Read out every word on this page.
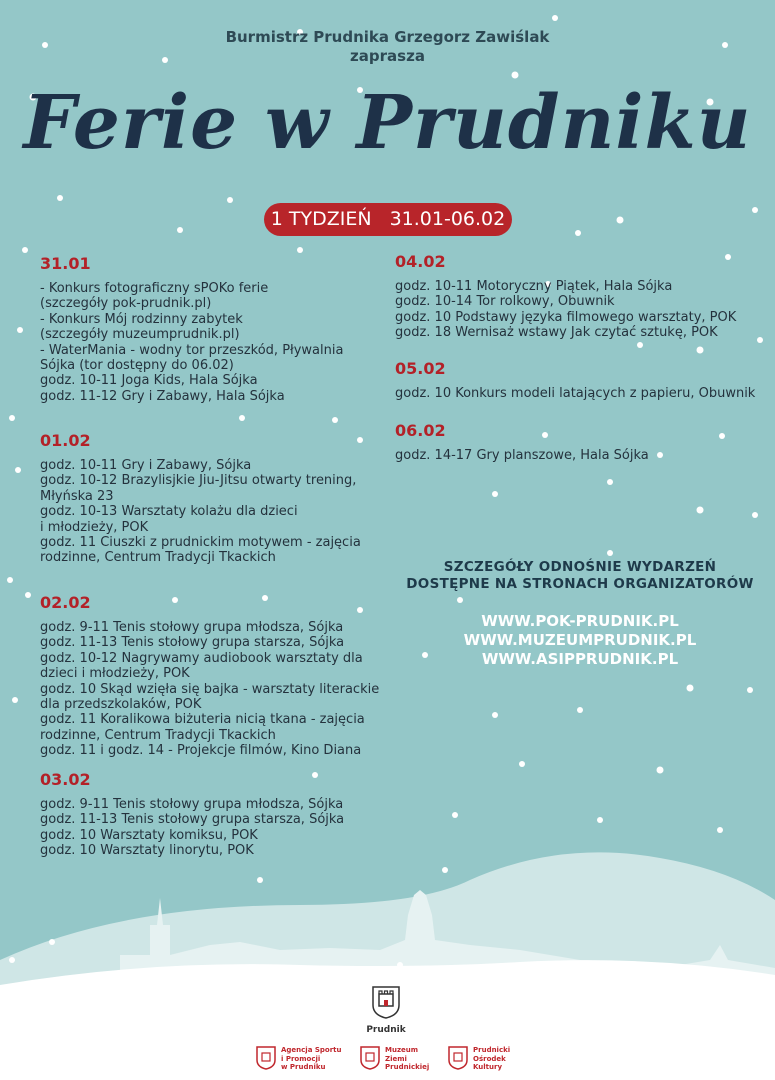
Burmistrz Prudnika Grzegorz Zawiślak
zaprasza
Ferie w Prudniku
1 TYDZIEŃ 31.01-06.02
31.01

- Konkurs fotograficzny sPOKo ferie
(szczegóły pok-prudnik.pl)
- Konkurs Mój rodzinny zabytek
(szczegóły muzeumprudnik.pl)
- WaterMania - wodny tor przeszkód, Pływalnia
Sójka (tor dostępny do 06.02)
godz. 10-11 Joga Kids, Hala Sójka
godz. 11-12 Gry i Zabawy, Hala Sójka

01.02

godz. 10-11 Gry i Zabawy, Sójka
godz. 10-12 Brazylisjkie Jiu-Jitsu otwarty trening,
Młyńska 23
godz. 10-13 Warsztaty kolażu dla dzieci
i młodzieży, POK
godz. 11 Ciuszki z prudnickim motywem - zajęcia
rodzinne, Centrum Tradycji Tkackich

02.02

godz. 9-11 Tenis stołowy grupa młodsza, Sójka
godz. 11-13 Tenis stołowy grupa starsza, Sójka
godz. 10-12 Nagrywamy audiobook warsztaty dla
dzieci i młodzieży, POK
godz. 10 Skąd wzięła się bajka - warsztaty literackie
dla przedszkolaków, POK
godz. 11 Koralikowa biżuteria nicią tkana - zajęcia
rodzinne, Centrum Tradycji Tkackich
godz. 11 i godz. 14 - Projekcje filmów, Kino Diana

03.02

godz. 9-11 Tenis stołowy grupa młodsza, Sójka
godz. 11-13 Tenis stołowy grupa starsza, Sójka
godz. 10 Warsztaty komiksu, POK
godz. 10 Warsztaty linorytu, POK

04.02

godz. 10-11 Motoryczny Piątek, Hala Sójka
godz. 10-14 Tor rolkowy, Obuwnik
godz. 10 Podstawy języka filmowego warsztaty, POK
godz. 18 Wernisaż wstawy Jak czytać sztukę, POK

05.02

godz. 10 Konkurs modeli latających z papieru, Obuwnik

06.02

godz. 14-17 Gry planszowe, Hala Sójka

SZCZEGÓŁY ODNOŚNIE WYDARZEŃ
DOSTĘPNE NA STRONACH ORGANIZATORÓW
WWW.POK-PRUDNIK.PL
WWW.MUZEUMPRUDNIK.PL
WWW.ASIPPRUDNIK.PL
Prudnik
Agencja Sportu
i Promocji
w Prudniku
Muzeum
Ziemi
Prudnickiej
Prudnicki
Ośrodek
Kultury
